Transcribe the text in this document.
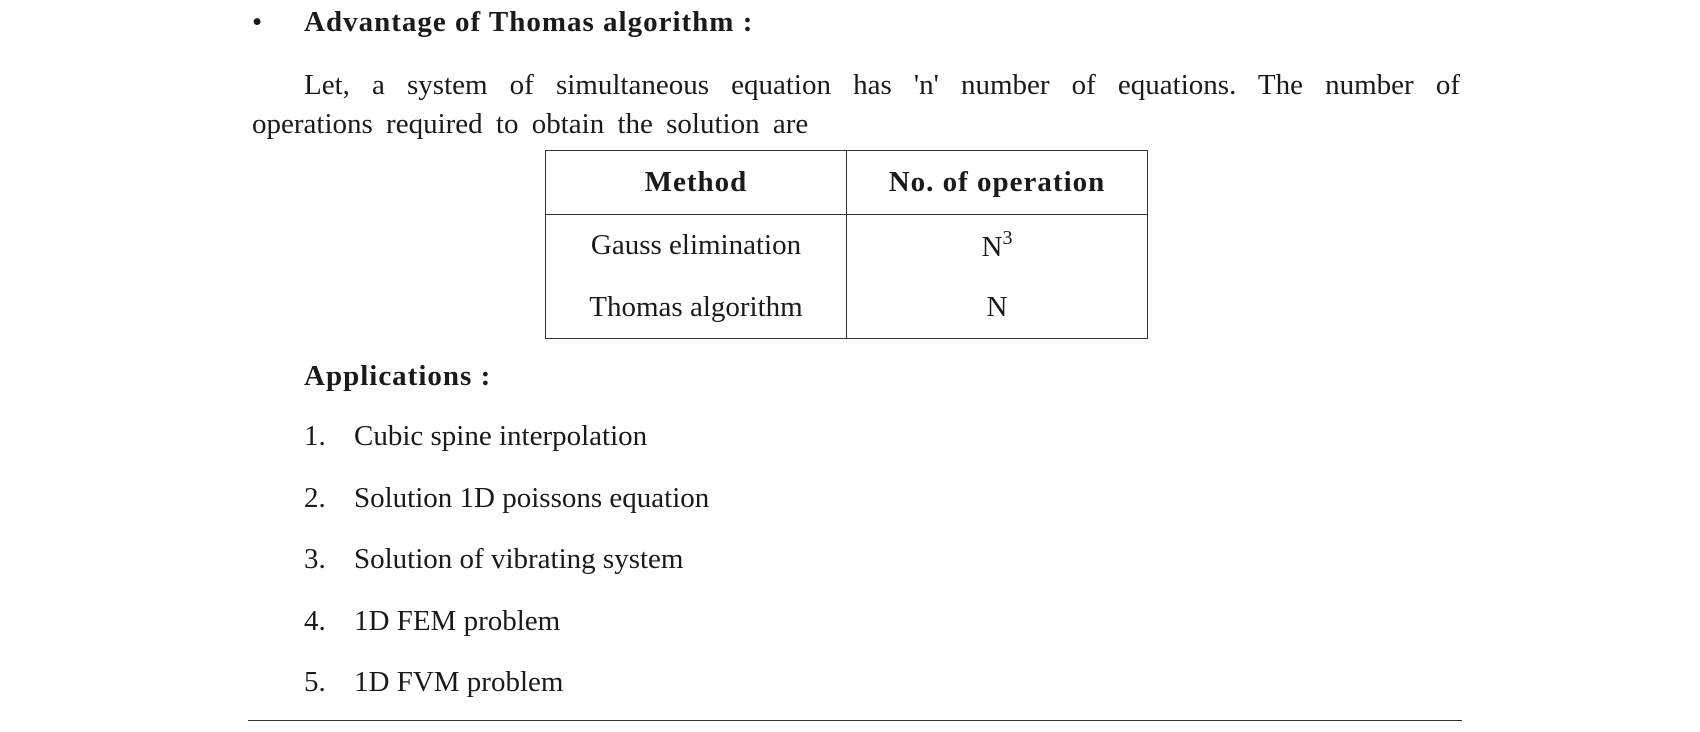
• Advantage of Thomas algorithm :

Let, a system of simultaneous equation has 'n' number of equations. The number of operations required to obtain the solution are

Method	No. of operation
Gauss elimination	$N^3$
Thomas algorithm	N
Applications :
1. Cubic spine interpolation
2. Solution 1D poissons equation
3. Solution of vibrating system
4. 1D FEM problem
5. 1D FVM problem
